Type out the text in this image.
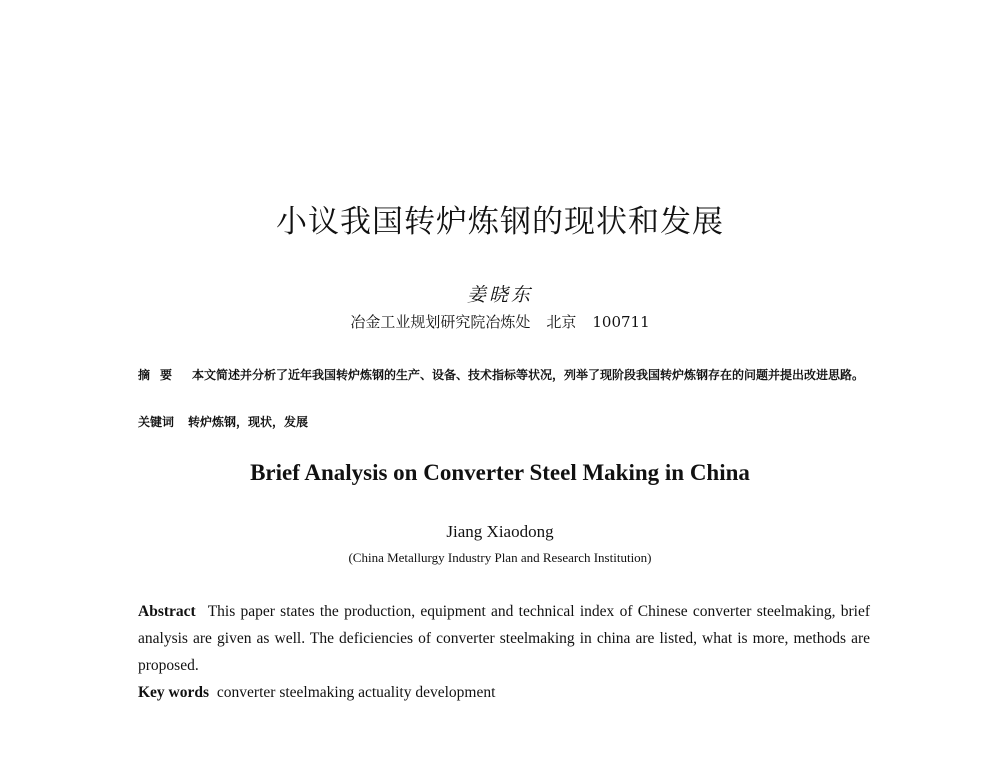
小议我国转炉炼钢的现状和发展
姜晓东
冶金工业规划研究院冶炼处 北京 100711
摘要 本文简述并分析了近年我国转炉炼钢的生产、设备、技术指标等状况，列举了现阶段我国转炉炼钢存在的问题并提出改进思路。
关键词 转炉炼钢，现状，发展
Brief Analysis on Converter Steel Making in China
Jiang Xiaodong
(China Metallurgy Industry Plan and Research Institution)
Abstract This paper states the production, equipment and technical index of Chinese converter steelmaking, brief analysis are given as well. The deficiencies of converter steelmaking in china are listed, what is more, methods are proposed.
Key words converter steelmaking actuality development
